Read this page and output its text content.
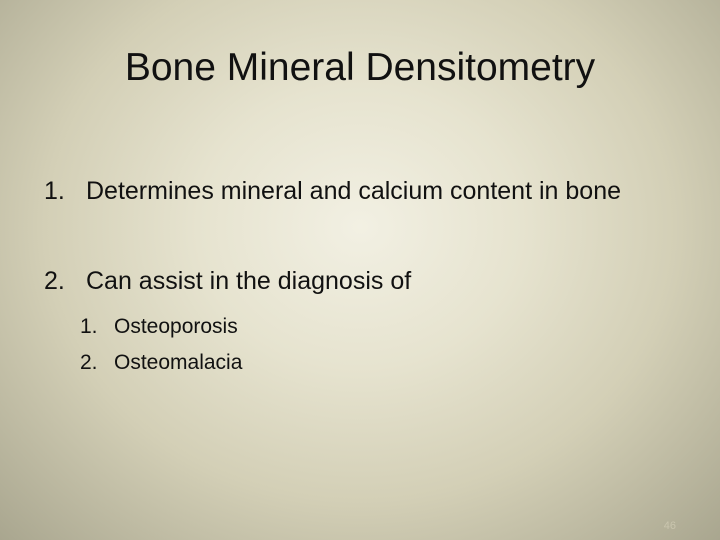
Bone Mineral Densitometry
1. Determines mineral and calcium content in bone
2. Can assist in the diagnosis of
1. Osteoporosis
2. Osteomalacia
46
